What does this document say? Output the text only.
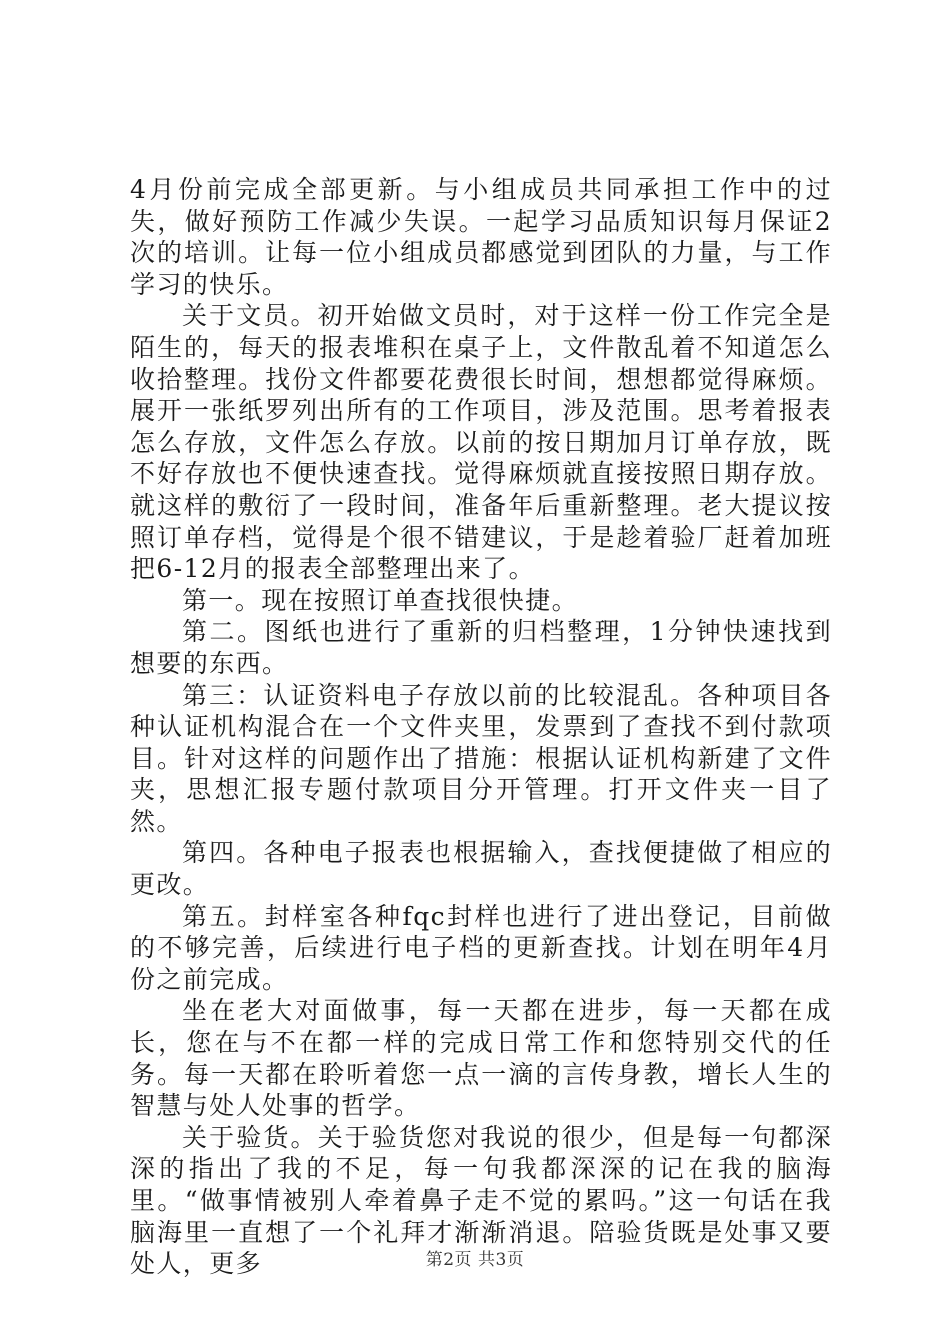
4月份前完成全部更新。与小组成员共同承担工作中的过失，做好预防工作减少失误。一起学习品质知识每月保证2次的培训。让每一位小组成员都感觉到团队的力量，与工作学习的快乐。

关于文员。初开始做文员时，对于这样一份工作完全是陌生的，每天的报表堆积在桌子上，文件散乱着不知道怎么收拾整理。找份文件都要花费很长时间，想想都觉得麻烦。展开一张纸罗列出所有的工作项目，涉及范围。思考着报表怎么存放，文件怎么存放。以前的按日期加月订单存放，既不好存放也不便快速查找。觉得麻烦就直接按照日期存放。就这样的敷衍了一段时间，准备年后重新整理。老大提议按照订单存档，觉得是个很不错建议，于是趁着验厂赶着加班把6-12月的报表全部整理出来了。

第一。现在按照订单查找很快捷。

第二。图纸也进行了重新的归档整理，1分钟快速找到想要的东西。

第三：认证资料电子存放以前的比较混乱。各种项目各种认证机构混合在一个文件夹里，发票到了查找不到付款项目。针对这样的问题作出了措施：根据认证机构新建了文件夹，思想汇报专题付款项目分开管理。打开文件夹一目了然。

第四。各种电子报表也根据输入，查找便捷做了相应的更改。

第五。封样室各种fqc封样也进行了进出登记，目前做的不够完善，后续进行电子档的更新查找。计划在明年4月份之前完成。

坐在老大对面做事，每一天都在进步，每一天都在成长，您在与不在都一样的完成日常工作和您特别交代的任务。每一天都在聆听着您一点一滴的言传身教，增长人生的智慧与处人处事的哲学。

关于验货。关于验货您对我说的很少，但是每一句都深深的指出了我的不足，每一句我都深深的记在我的脑海里。“做事情被别人牵着鼻子走不觉的累吗。”这一句话在我脑海里一直想了一个礼拜才渐渐消退。陪验货既是处事又要处人，更多	第2页 共3页
